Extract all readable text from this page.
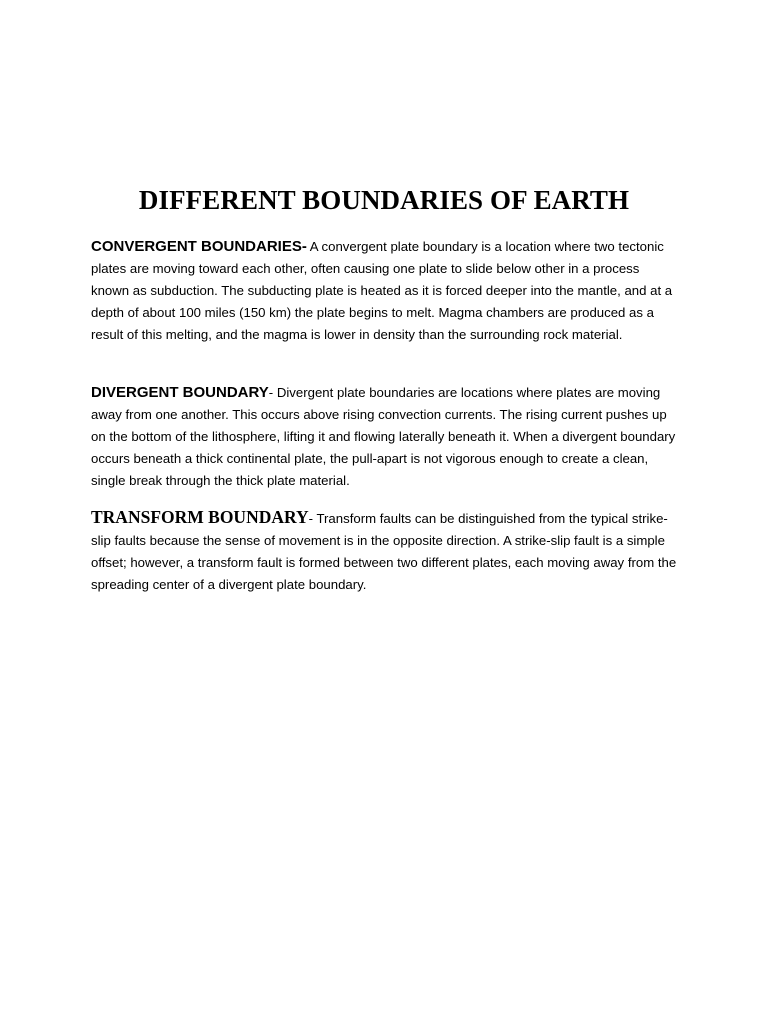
DIFFERENT BOUNDARIES OF EARTH

CONVERGENT BOUNDARIES- A convergent plate boundary is a location where two tectonic plates are moving toward each other, often causing one plate to slide below other in a process known as subduction. The subducting plate is heated as it is forced deeper into the mantle, and at a depth of about 100 miles (150 km) the plate begins to melt. Magma chambers are produced as a result of this melting, and the magma is lower in density than the surrounding rock material.

DIVERGENT BOUNDARY- Divergent plate boundaries are locations where plates are moving away from one another. This occurs above rising convection currents. The rising current pushes up on the bottom of the lithosphere, lifting it and flowing laterally beneath it. When a divergent boundary occurs beneath a thick continental plate, the pull-apart is not vigorous enough to create a clean, single break through the thick plate material.

TRANSFORM BOUNDARY- Transform faults can be distinguished from the typical strike-slip faults because the sense of movement is in the opposite direction. A strike-slip fault is a simple offset; however, a transform fault is formed between two different plates, each moving away from the spreading center of a divergent plate boundary.
